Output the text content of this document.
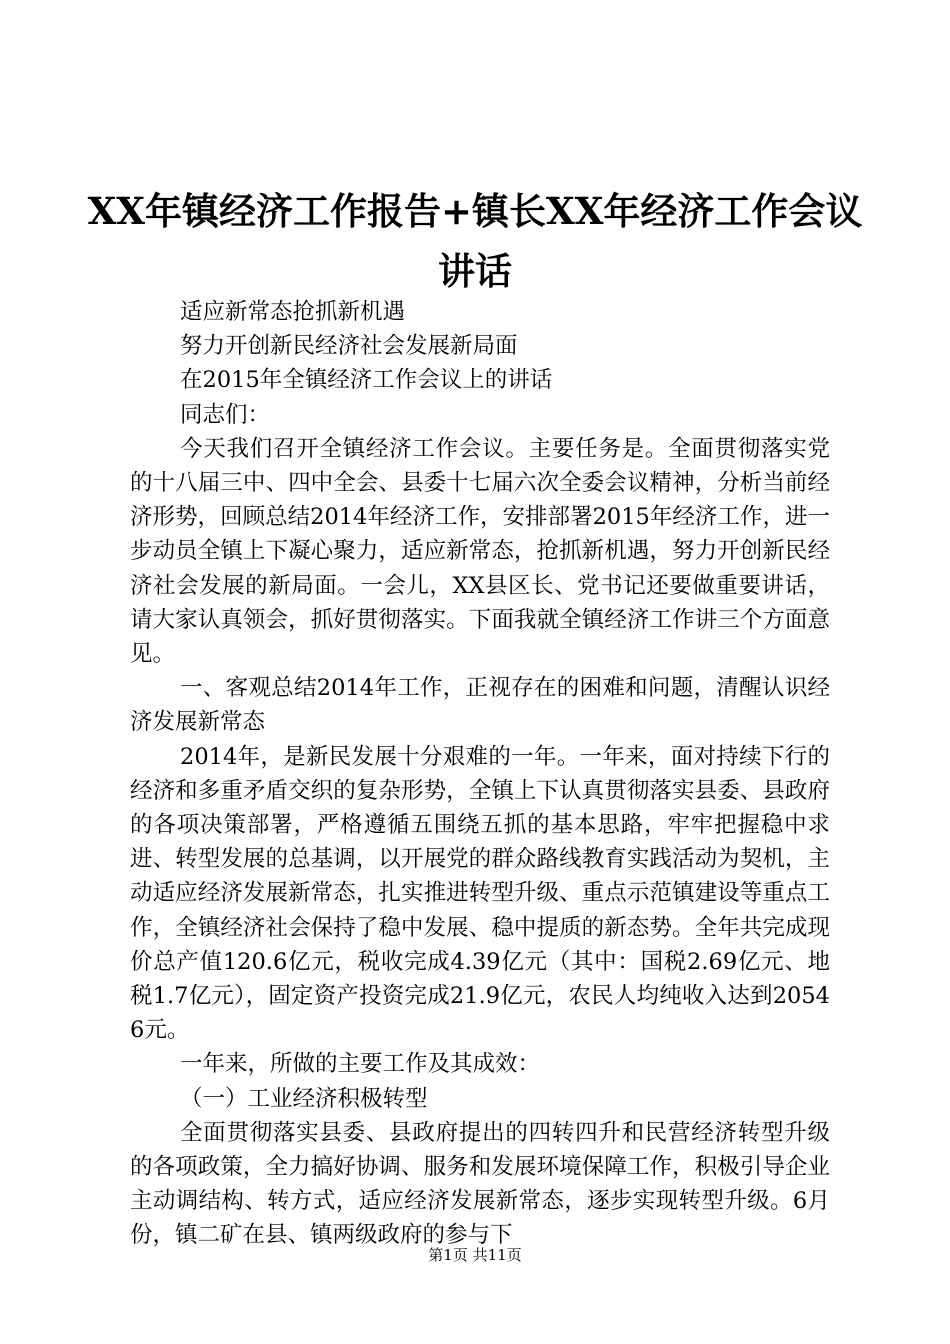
XX年镇经济工作报告+镇长XX年经济工作会议
讲话

适应新常态抢抓新机遇

努力开创新民经济社会发展新局面

在2015年全镇经济工作会议上的讲话

同志们：

今天我们召开全镇经济工作会议。主要任务是。全面贯彻落实党的十八届三中、四中全会、县委十七届六次全委会议精神，分析当前经济形势，回顾总结2014年经济工作，安排部署2015年经济工作，进一步动员全镇上下凝心聚力，适应新常态，抢抓新机遇，努力开创新民经济社会发展的新局面。一会儿，XX县区长、党书记还要做重要讲话，请大家认真领会，抓好贯彻落实。下面我就全镇经济工作讲三个方面意见。

一、客观总结2014年工作，正视存在的困难和问题，清醒认识经济发展新常态

2014年，是新民发展十分艰难的一年。一年来，面对持续下行的经济和多重矛盾交织的复杂形势，全镇上下认真贯彻落实县委、县政府的各项决策部署，严格遵循五围绕五抓的基本思路，牢牢把握稳中求进、转型发展的总基调，以开展党的群众路线教育实践活动为契机，主动适应经济发展新常态，扎实推进转型升级、重点示范镇建设等重点工作，全镇经济社会保持了稳中发展、稳中提质的新态势。全年共完成现价总产值120.6亿元，税收完成4.39亿元（其中：国税2.69亿元、地税1.7亿元），固定资产投资完成21.9亿元，农民人均纯收入达到20546元。

一年来，所做的主要工作及其成效：

（一）工业经济积极转型

全面贯彻落实县委、县政府提出的四转四升和民营经济转型升级的各项政策，全力搞好协调、服务和发展环境保障工作，积极引导企业主动调结构、转方式，适应经济发展新常态，逐步实现转型升级。6月份，镇二矿在县、镇两级政府的参与下

第1页 共11页
